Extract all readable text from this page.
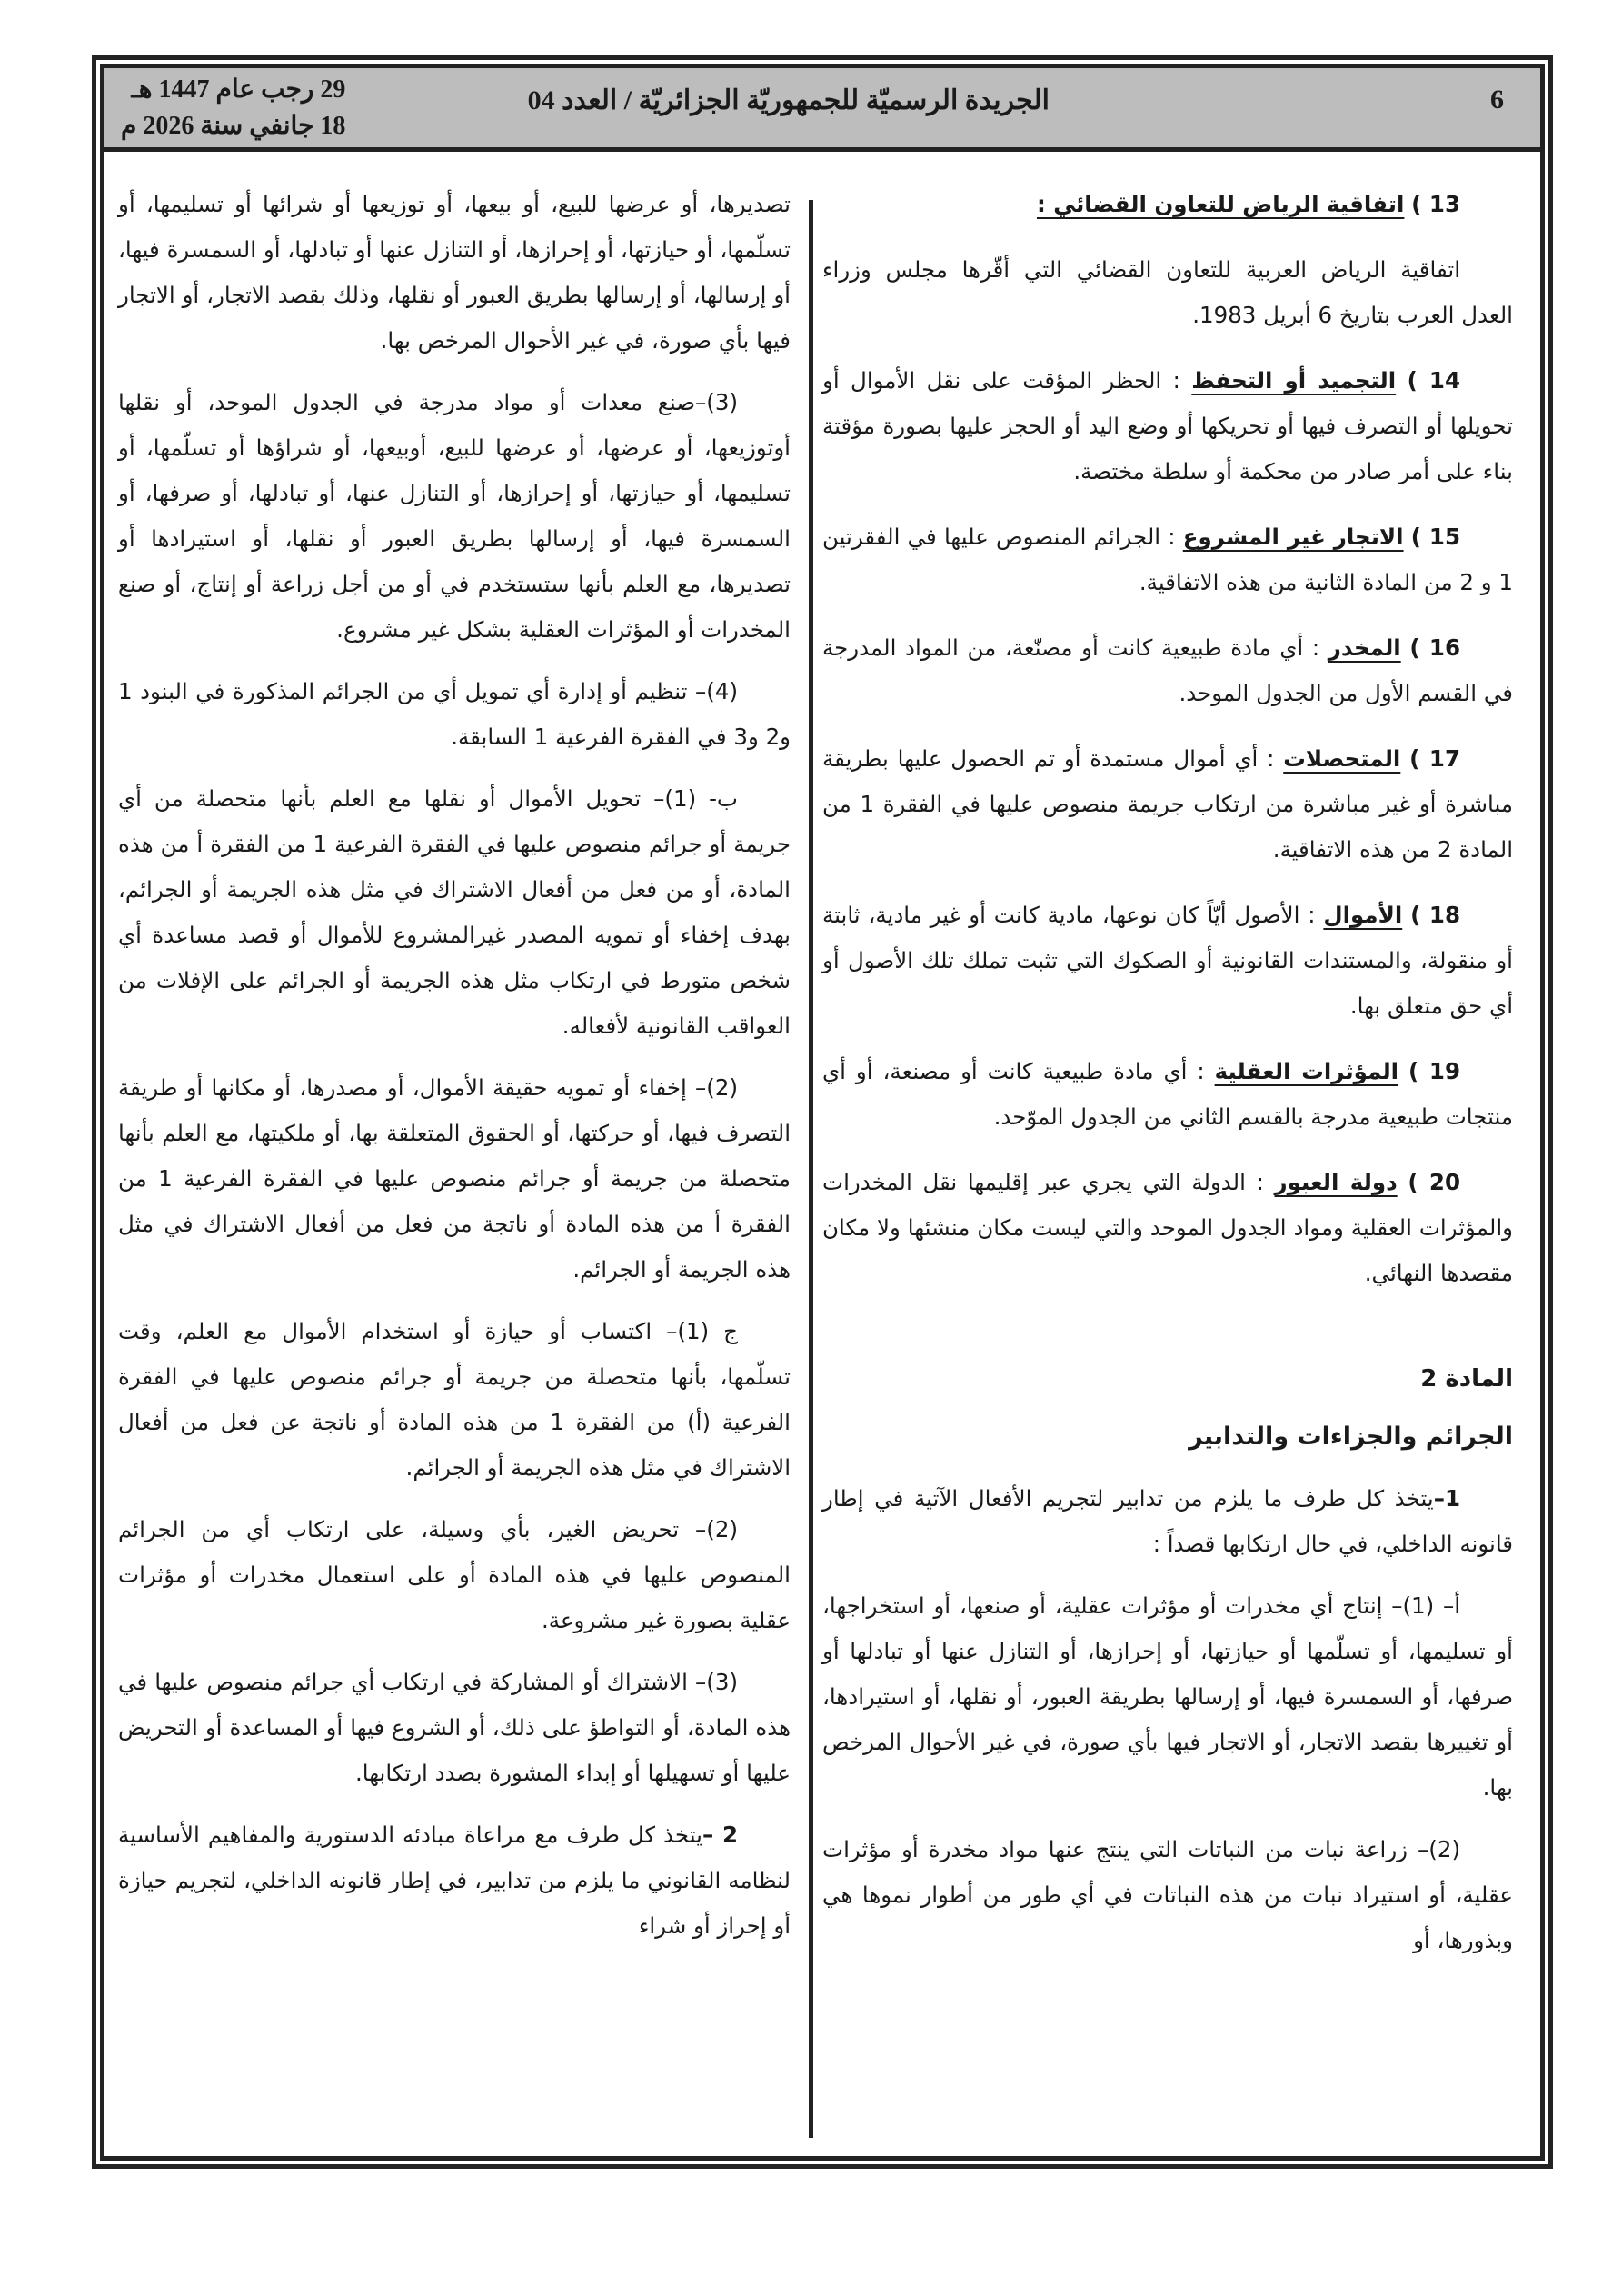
6
الجريدة الرسميّة للجمهوريّة الجزائريّة / العدد 04
29 رجب عام 1447 هـ
18 جانفي سنة 2026 م

13 ) اتفاقية الرياض للتعاون القضائي :

اتفاقية الرياض العربية للتعاون القضائي التي أقّرها مجلس وزراء العدل العرب بتاريخ 6 أبريل 1983.

14 ) التجميد أو التحفظ : الحظر المؤقت على نقل الأموال أو تحويلها أو التصرف فيها أو تحريكها أو وضع اليد أو الحجز عليها بصورة مؤقتة بناء على أمر صادر من محكمة أو سلطة مختصة.

15 ) الاتجار غير المشروع : الجرائم المنصوص عليها في الفقرتين 1 و 2 من المادة الثانية من هذه الاتفاقية.

16 ) المخدر : أي مادة طبيعية كانت أو مصنّعة، من المواد المدرجة في القسم الأول من الجدول الموحد.

17 ) المتحصلات : أي أموال مستمدة أو تم الحصول عليها بطريقة مباشرة أو غير مباشرة من ارتكاب جريمة منصوص عليها في الفقرة 1 من المادة 2 من هذه الاتفاقية.

18 ) الأموال : الأصول أيّاً كان نوعها، مادية كانت أو غير مادية، ثابتة أو منقولة، والمستندات القانونية أو الصكوك التي تثبت تملك تلك الأصول أو أي حق متعلق بها.

19 ) المؤثرات العقلية : أي مادة طبيعية كانت أو مصنعة، أو أي منتجات طبيعية مدرجة بالقسم الثاني من الجدول الموّحد.

20 ) دولة العبور : الدولة التي يجري عبر إقليمها نقل المخدرات والمؤثرات العقلية ومواد الجدول الموحد والتي ليست مكان منشئها ولا مكان مقصدها النهائي.

المادة 2
الجرائم والجزاءات والتدابير

1–يتخذ كل طرف ما يلزم من تدابير لتجريم الأفعال الآتية في إطار قانونه الداخلي، في حال ارتكابها قصداً :

أ– (1)– إنتاج أي مخدرات أو مؤثرات عقلية، أو صنعها، أو استخراجها، أو تسليمها، أو تسلّمها أو حيازتها، أو إحرازها، أو التنازل عنها أو تبادلها أو صرفها، أو السمسرة فيها، أو إرسالها بطريقة العبور، أو نقلها، أو استيرادها، أو تغييرها بقصد الاتجار، أو الاتجار فيها بأي صورة، في غير الأحوال المرخص بها.

(2)– زراعة نبات من النباتات التي ينتج عنها مواد مخدرة أو مؤثرات عقلية، أو استيراد نبات من هذه النباتات في أي طور من أطوار نموها هي وبذورها، أو

تصديرها، أو عرضها للبيع، أو بيعها، أو توزيعها أو شرائها أو تسليمها، أو تسلّمها، أو حيازتها، أو إحرازها، أو التنازل عنها أو تبادلها، أو السمسرة فيها، أو إرسالها، أو إرسالها بطريق العبور أو نقلها، وذلك بقصد الاتجار، أو الاتجار فيها بأي صورة، في غير الأحوال المرخص بها.

(3)–صنع معدات أو مواد مدرجة في الجدول الموحد، أو نقلها أوتوزيعها، أو عرضها، أو عرضها للبيع، أوبيعها، أو شراؤها أو تسلّمها، أو تسليمها، أو حيازتها، أو إحرازها، أو التنازل عنها، أو تبادلها، أو صرفها، أو السمسرة فيها، أو إرسالها بطريق العبور أو نقلها، أو استيرادها أو تصديرها، مع العلم بأنها ستستخدم في أو من أجل زراعة أو إنتاج، أو صنع المخدرات أو المؤثرات العقلية بشكل غير مشروع.

(4)– تنظيم أو إدارة أي تمويل أي من الجرائم المذكورة في البنود 1 و2 و3 في الفقرة الفرعية 1 السابقة.

ب- (1)– تحويل الأموال أو نقلها مع العلم بأنها متحصلة من أي جريمة أو جرائم منصوص عليها في الفقرة الفرعية 1 من الفقرة أ من هذه المادة، أو من فعل من أفعال الاشتراك في مثل هذه الجريمة أو الجرائم، بهدف إخفاء أو تمويه المصدر غيرالمشروع للأموال أو قصد مساعدة أي شخص متورط في ارتكاب مثل هذه الجريمة أو الجرائم على الإفلات من العواقب القانونية لأفعاله.

(2)– إخفاء أو تمويه حقيقة الأموال، أو مصدرها، أو مكانها أو طريقة التصرف فيها، أو حركتها، أو الحقوق المتعلقة بها، أو ملكيتها، مع العلم بأنها متحصلة من جريمة أو جرائم منصوص عليها في الفقرة الفرعية 1 من الفقرة أ من هذه المادة أو ناتجة من فعل من أفعال الاشتراك في مثل هذه الجريمة أو الجرائم.

ج (1)– اكتساب أو حيازة أو استخدام الأموال مع العلم، وقت تسلّمها، بأنها متحصلة من جريمة أو جرائم منصوص عليها في الفقرة الفرعية (أ) من الفقرة 1 من هذه المادة أو ناتجة عن فعل من أفعال الاشتراك في مثل هذه الجريمة أو الجرائم.

(2)– تحريض الغير، بأي وسيلة، على ارتكاب أي من الجرائم المنصوص عليها في هذه المادة أو على استعمال مخدرات أو مؤثرات عقلية بصورة غير مشروعة.

(3)– الاشتراك أو المشاركة في ارتكاب أي جرائم منصوص عليها في هذه المادة، أو التواطؤ على ذلك، أو الشروع فيها أو المساعدة أو التحريض عليها أو تسهيلها أو إبداء المشورة بصدد ارتكابها.

2 –يتخذ كل طرف مع مراعاة مبادئه الدستورية والمفاهيم الأساسية لنظامه القانوني ما يلزم من تدابير، في إطار قانونه الداخلي، لتجريم حيازة أو إحراز أو شراء
